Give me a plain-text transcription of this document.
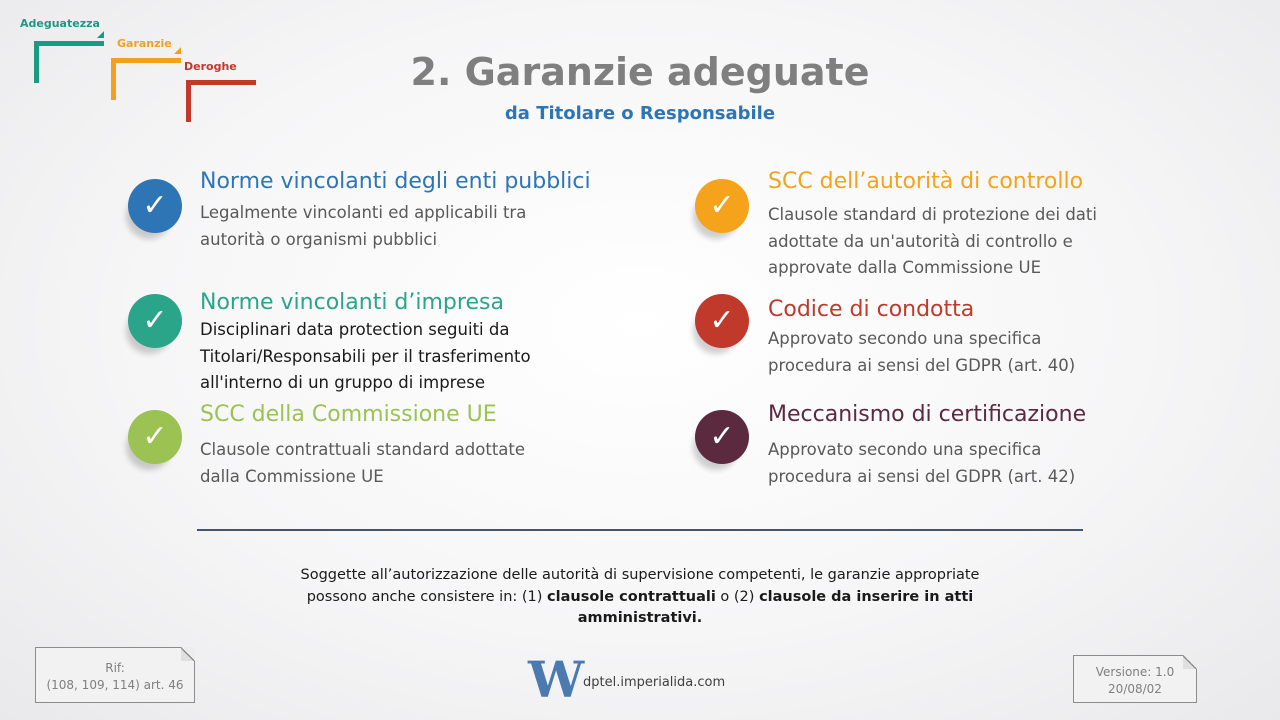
Adeguatezza
Garanzie
Deroghe	2. Garanzie adeguate
da Titolare o Responsabile
✓
Norme vincolanti degli enti pubblici
Legalmente vincolanti ed applicabili tra
autorità o organismi pubblici
✓
Norme vincolanti d’impresa
Disciplinari data protection seguiti da
Titolari/Responsabili per il trasferimento
all'interno di un gruppo di imprese
✓
SCC della Commissione UE
Clausole contrattuali standard adottate
dalla Commissione UE
✓
SCC dell’autorità di controllo
Clausole standard di protezione dei dati
adottate da un'autorità di controllo e
approvate dalla Commissione UE
✓	Codice di condotta
Approvato secondo una specifica
procedura ai sensi del GDPR (art. 40)
✓
Meccanismo di certificazione
Approvato secondo una specifica
procedura ai sensi del GDPR (art. 42)
Soggette all’autorizzazione delle autorità di supervisione competenti, le garanzie appropriate
possono anche consistere in: (1) clausole contrattuali o (2) clausole da inserire in atti
amministrativi.
Rif:
(108, 109, 114) art. 46
Versione: 1.0
20/08/02
W
dptel.imperialida.com
